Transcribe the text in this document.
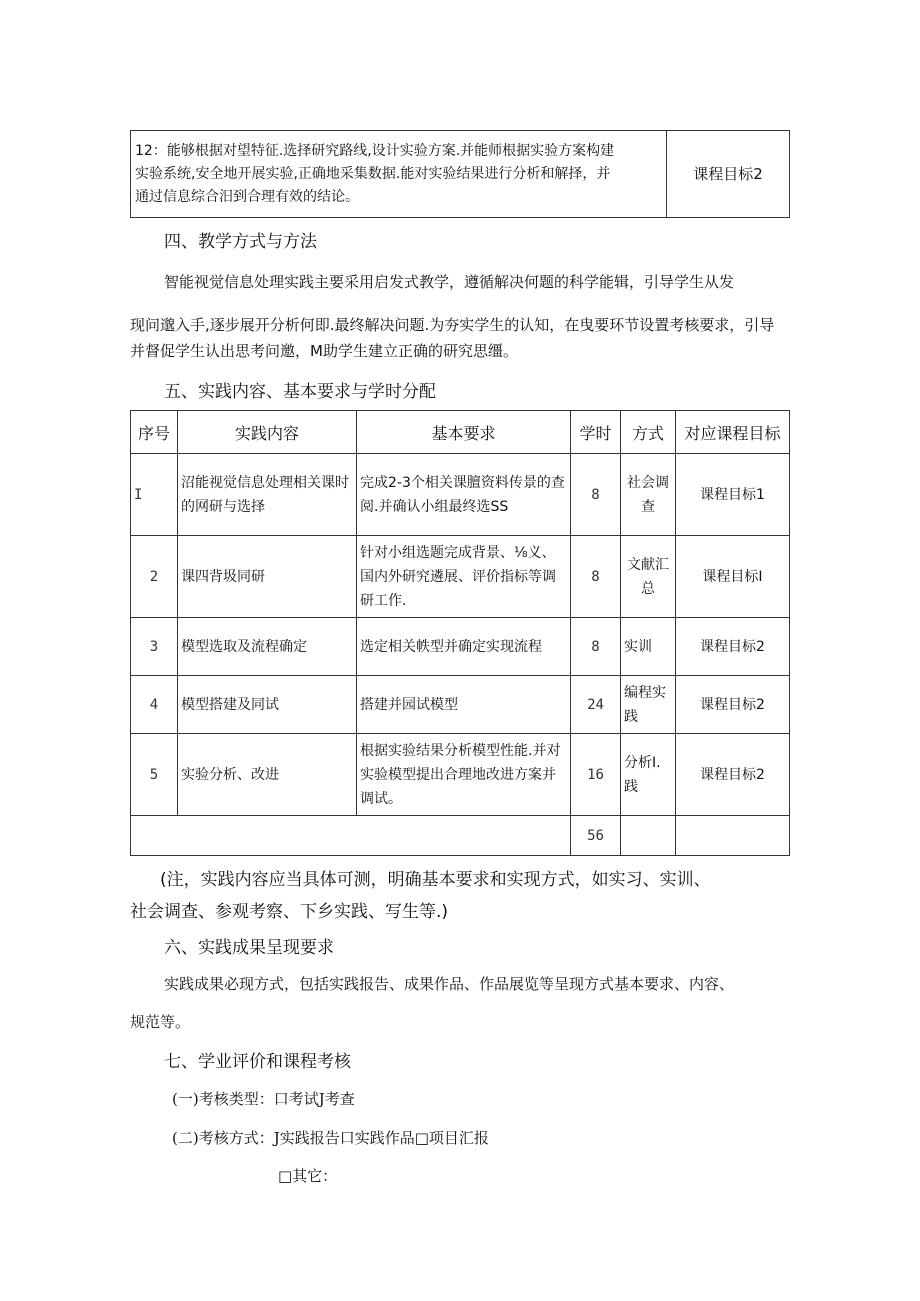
12：能够根据对望特征.选择研究路线,设计实验方案.并能师根据实验方案构建
实验系统,安全地开展实验,正确地采集数据.能对实验结果进行分析和解择，并
通过信息综合汨到合理有效的结论。
	课程目标2
四、教学方式与方法
智能视觉信息处理实践主要采用启发式教学，遵循解决何题的科学能辑，引导学生从发
现问邈入手,逐步展开分析何即.最终解决问题.为夯实学生的认知，在曳要环节设置考核要求，引导
并督促学生认出思考问邀，M助学生建立正确的研究思缰。
五、实践内容、基本要求与学时分配
序号	实践内容	基本要求	学时	方式	对应课程目标
I	沼能视觉信息处理相关课时的网研与选择	完成2-3个相关课膻资料传景的查阅.并确认小组最终选SS	8	社会调查	课程目标1
2	课四背圾同研	针对小组选题完成背景、⅛义、国内外研究遴展、评价指标等调研工作.	8	文献汇总	课程目标I
3	模型选取及流程确定	选定相关帙型并确定实现流程	8	实训	课程目标2
4	模型搭建及同试	搭建并园试模型	24	编程实践	课程目标2
5	实验分析、改进	根据实验结果分析模型性能.并对实验模型提出合理地改进方案并调试。	16	分析I.践	课程目标2
			56		
(注，实践内容应当具体可测，明确基本要求和实现方式，如实习、实训、
社会调查、参观考察、下乡实践、写生等.)
六、实践成果呈现要求
实践成果必现方式，包括实践报告、成果作品、作品展览等呈现方式基本要求、内容、
规范等。
七、学业评价和课程考核
(一)考核类型：口考试J考查
(二)考核方式：J实践报告口实践作品□项目汇报
□其它：
